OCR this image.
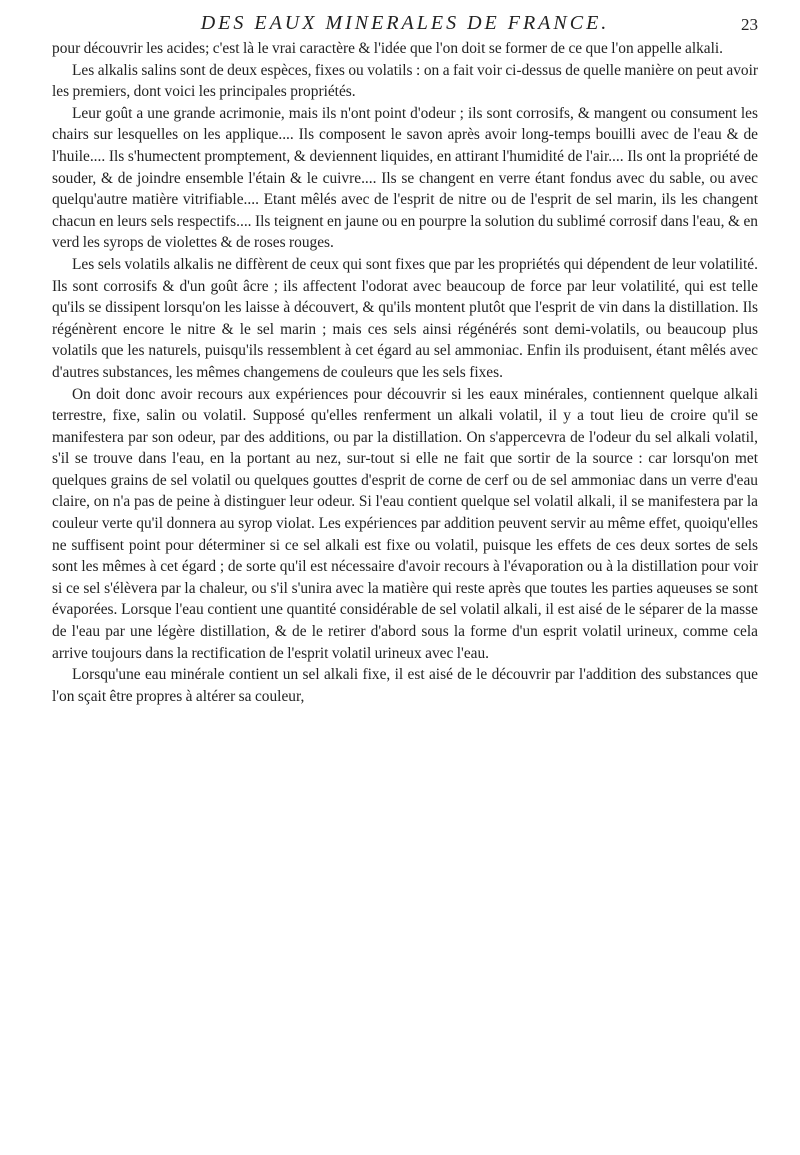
DES EAUX MINERALES DE FRANCE.	23

pour découvrir les acides; c'est là le vrai caractère & l'idée que l'on doit se former de ce que l'on appelle alkali.

Les alkalis salins sont de deux espèces, fixes ou volatils : on a fait voir ci-dessus de quelle manière on peut avoir les premiers, dont voici les principales propriétés.

Leur goût a une grande acrimonie, mais ils n'ont point d'odeur ; ils sont corrosifs, & mangent ou consument les chairs sur lesquelles on les applique.... Ils composent le savon après avoir long-temps bouilli avec de l'eau & de l'huile.... Ils s'humectent promptement, & deviennent liquides, en attirant l'humidité de l'air.... Ils ont la propriété de souder, & de joindre ensemble l'étain & le cuivre.... Ils se changent en verre étant fondus avec du sable, ou avec quelqu'autre matière vitrifiable.... Etant mêlés avec de l'esprit de nitre ou de l'esprit de sel marin, ils les changent chacun en leurs sels respectifs.... Ils teignent en jaune ou en pourpre la solution du sublimé corrosif dans l'eau, & en verd les syrops de violettes & de roses rouges.

Les sels volatils alkalis ne diffèrent de ceux qui sont fixes que par les propriétés qui dépendent de leur volatilité. Ils sont corrosifs & d'un goût âcre ; ils affectent l'odorat avec beaucoup de force par leur volatilité, qui est telle qu'ils se dissipent lorsqu'on les laisse à découvert, & qu'ils montent plutôt que l'esprit de vin dans la distillation. Ils régénèrent encore le nitre & le sel marin ; mais ces sels ainsi régénérés sont demi-volatils, ou beaucoup plus volatils que les naturels, puisqu'ils ressemblent à cet égard au sel ammoniac. Enfin ils produisent, étant mêlés avec d'autres substances, les mêmes changemens de couleurs que les sels fixes.

On doit donc avoir recours aux expériences pour découvrir si les eaux minérales, contiennent quelque alkali terrestre, fixe, salin ou volatil. Supposé qu'elles renferment un alkali volatil, il y a tout lieu de croire qu'il se manifestera par son odeur, par des additions, ou par la distillation. On s'appercevra de l'odeur du sel alkali volatil, s'il se trouve dans l'eau, en la portant au nez, sur-tout si elle ne fait que sortir de la source : car lorsqu'on met quelques grains de sel volatil ou quelques gouttes d'esprit de corne de cerf ou de sel ammoniac dans un verre d'eau claire, on n'a pas de peine à distinguer leur odeur. Si l'eau contient quelque sel volatil alkali, il se manifestera par la couleur verte qu'il donnera au syrop violat. Les expériences par addition peuvent servir au même effet, quoiqu'elles ne suffisent point pour déterminer si ce sel alkali est fixe ou volatil, puisque les effets de ces deux sortes de sels sont les mêmes à cet égard ; de sorte qu'il est nécessaire d'avoir recours à l'évaporation ou à la distillation pour voir si ce sel s'élèvera par la chaleur, ou s'il s'unira avec la matière qui reste après que toutes les parties aqueuses se sont évaporées. Lorsque l'eau contient une quantité considérable de sel volatil alkali, il est aisé de le séparer de la masse de l'eau par une légère distillation, & de le retirer d'abord sous la forme d'un esprit volatil urineux, comme cela arrive toujours dans la rectification de l'esprit volatil urineux avec l'eau.

Lorsqu'une eau minérale contient un sel alkali fixe, il est aisé de le découvrir par l'addition des substances que l'on sçait être propres à altérer sa couleur,
